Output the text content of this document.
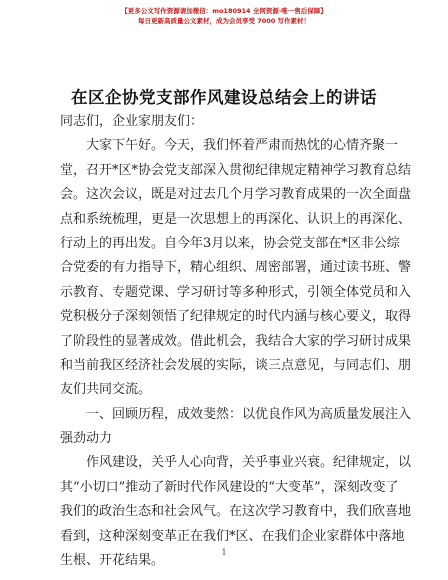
【更多公文写作资源请加微信：mo180914 全网资源·唯一售后保障】
每日更新高质量公文素材，成为会员享受 7000 写作素材！
在区企协党支部作风建设总结会上的讲话
同志们，企业家朋友们：
大家下午好。今天，我们怀着严肃而热忱的心情齐聚一
堂，召开*区*协会党支部深入贯彻纪律规定精神学习教育总结
会。这次会议，既是对过去几个月学习教育成果的一次全面盘
点和系统梳理，更是一次思想上的再深化、认识上的再深化、
行动上的再出发。自今年3月以来，协会党支部在*区非公综
合党委的有力指导下，精心组织、周密部署，通过读书班、警
示教育、专题党课、学习研讨等多种形式，引领全体党员和入
党积极分子深刻领悟了纪律规定的时代内涵与核心要义，取得
了阶段性的显著成效。借此机会，我结合大家的学习研讨成果
和当前我区经济社会发展的实际，谈三点意见，与同志们、朋
友们共同交流。
一、回顾历程，成效斐然：以优良作风为高质量发展注入
强劲动力
作风建设，关乎人心向背，关乎事业兴衰。纪律规定，以
其“小切口”推动了新时代作风建设的“大变革”，深刻改变了
我们的政治生态和社会风气。在这次学习教育中，我们欣喜地
看到，这种深刻变革正在我们*区、在我们企业家群体中落地
生根、开花结果。
1
